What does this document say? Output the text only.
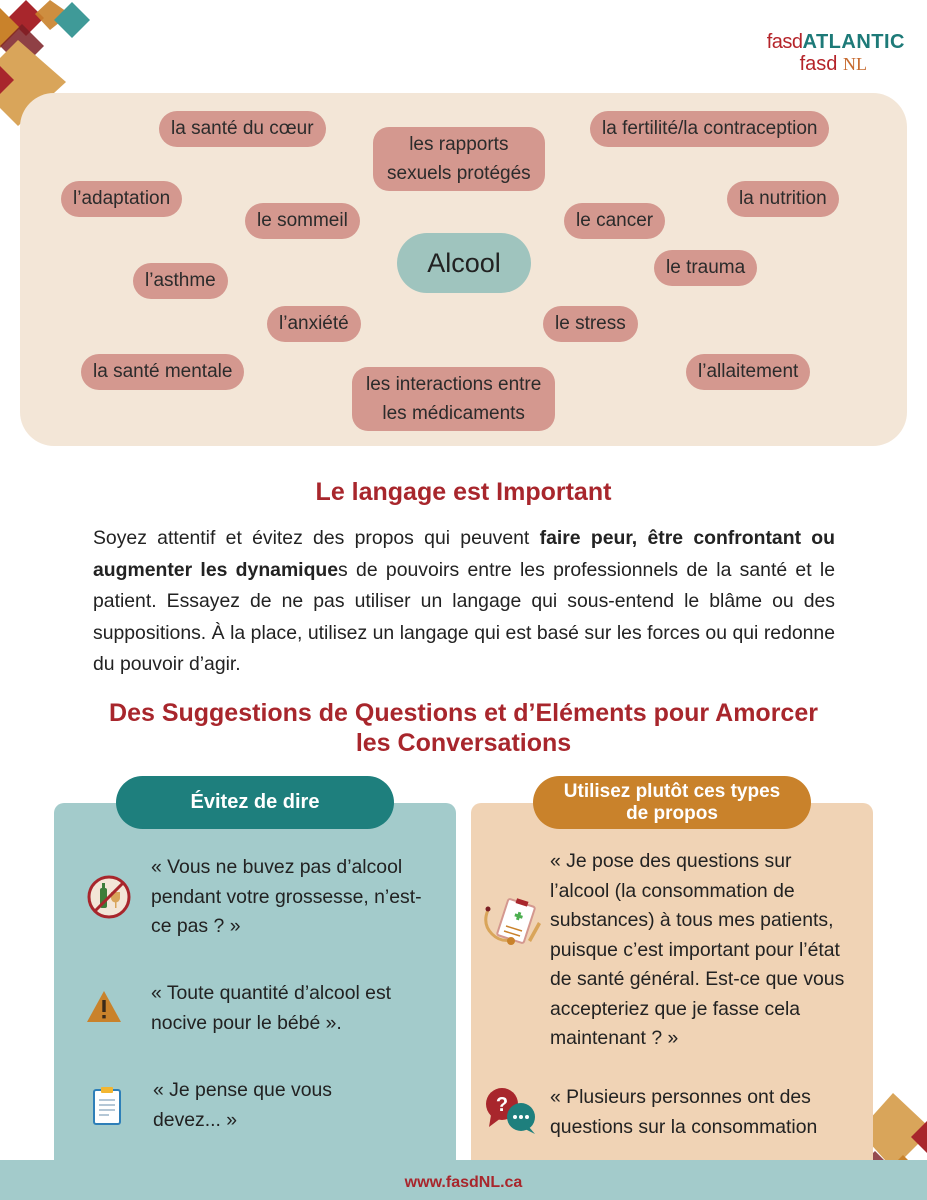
fasdATLANTIC
fasd NL
Alcool
la santé du cœur
les rapports
sexuels protégés
la fertilité/la contraception
l’adaptation
le sommeil	le cancer
la nutrition
l’asthme
le trauma
l’anxiété	le stress
la santé mentale
les interactions entre
les médicaments
l’allaitement
Le langage est Important

Soyez attentif et évitez des propos qui peuvent faire peur, être confrontant ou augmenter les dynamiques de pouvoirs entre les professionnels de la santé et le patient. Essayez de ne pas utiliser un langage qui sous-entend le blâme ou des suppositions. À la place, utilisez un langage qui est basé sur les forces ou qui redonne du pouvoir d’agir.

Des Suggestions de Questions et d’Eléments pour Amorcer
les Conversations
Évitez de dire
« Vous ne buvez pas d’alcool pendant votre grossesse, n’est-ce pas ? »
« Toute quantité d’alcool est nocive pour le bébé ».
« Je pense que vous devez... »
Utilisez plutôt ces types
de propos
« Je pose des questions sur l’alcool (la consommation de substances) à tous mes patients, puisque c’est important pour l’état de santé général. Est-ce que vous accepteriez que je fasse cela maintenant ? »
? « Plusieurs personnes ont des questions sur la consommation
www.fasdNL.ca
